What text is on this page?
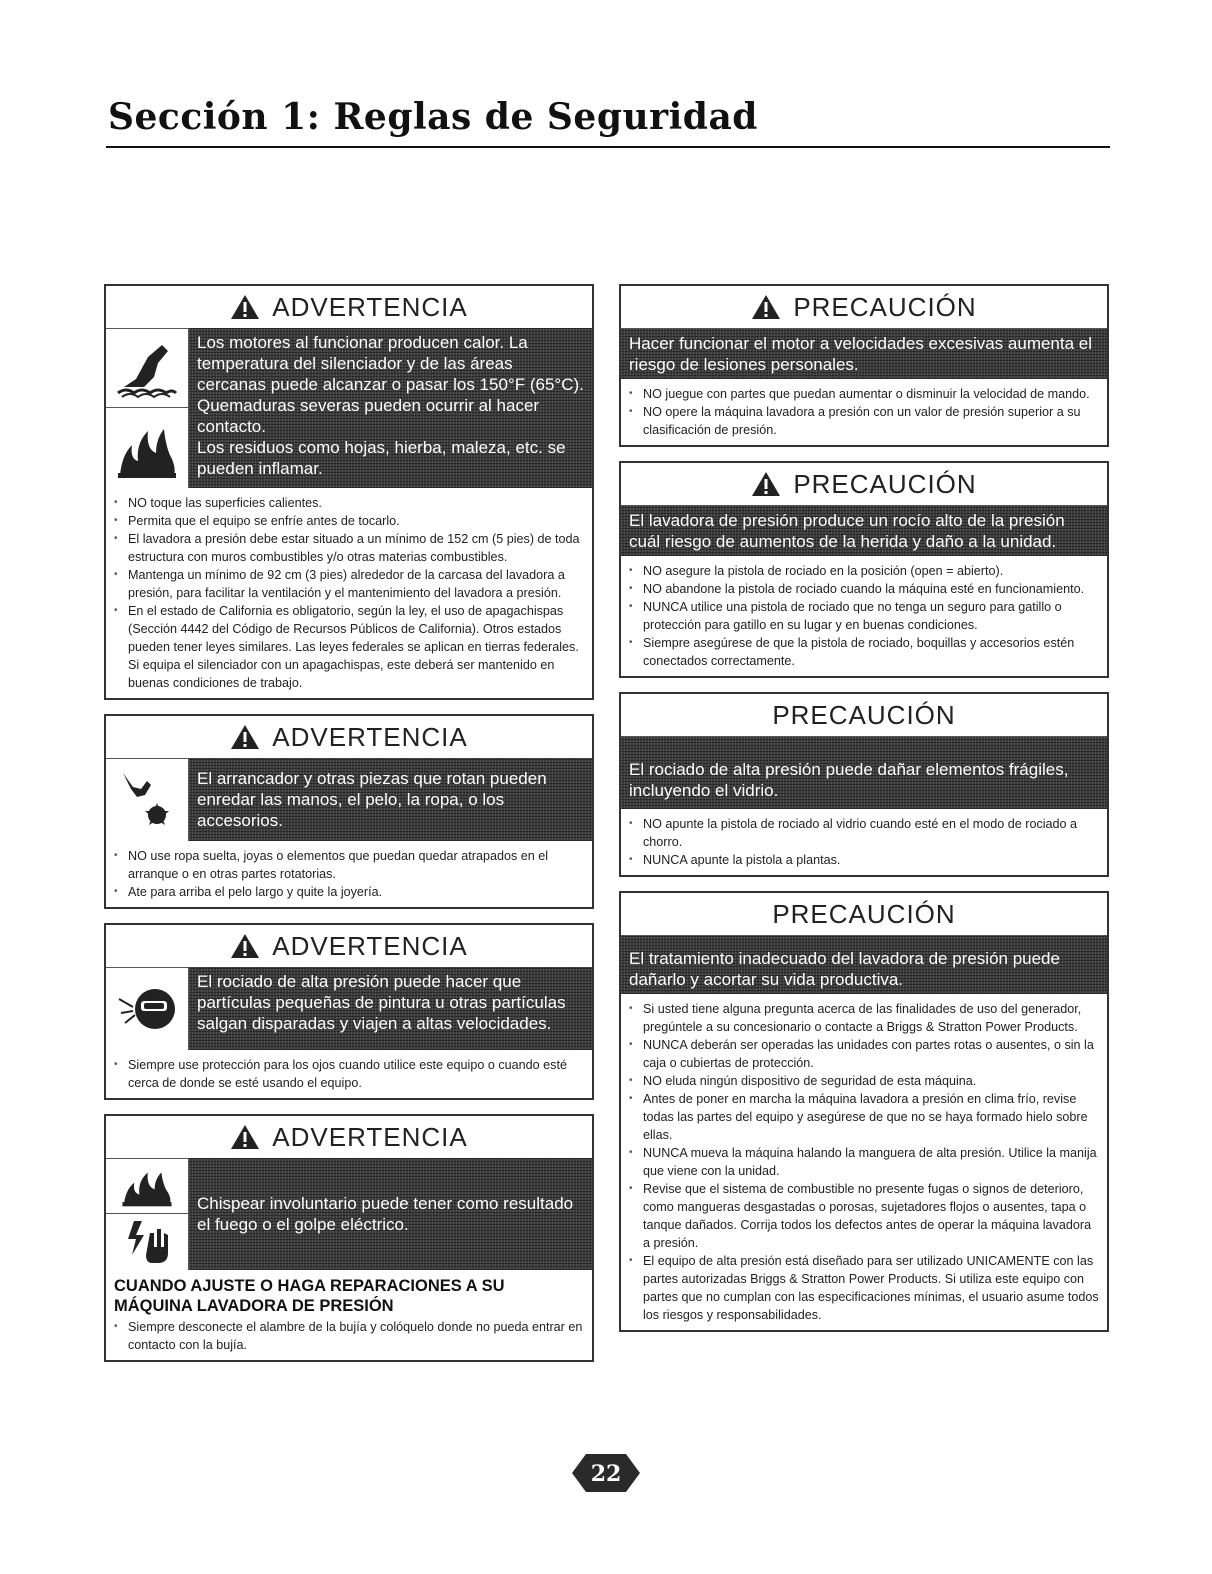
Sección 1: Reglas de Seguridad
ADVERTENCIA

Los motores al funcionar producen calor. La temperatura del silenciador y de las áreas cercanas puede alcanzar o pasar los 150°F (65°C).

Quemaduras severas pueden ocurrir al hacer contacto.

Los residuos como hojas, hierba, maleza, etc. se pueden inflamar.

• NO toque las superficies calientes.
• Permita que el equipo se enfríe antes de tocarlo.
• El lavadora a presión debe estar situado a un mínimo de 152 cm (5 pies) de toda estructura con muros combustibles y/o otras materias combustibles.
• Mantenga un mínimo de 92 cm (3 pies) alrededor de la carcasa del lavadora a presión, para facilitar la ventilación y el mantenimiento del lavadora a presión.
• En el estado de California es obligatorio, según la ley, el uso de apagachispas (Sección 4442 del Código de Recursos Públicos de California). Otros estados pueden tener leyes similares. Las leyes federales se aplican en tierras federales. Si equipa el silenciador con un apagachispas, este deberá ser mantenido en buenas condiciones de trabajo.
ADVERTENCIA

El arrancador y otras piezas que rotan pueden enredar las manos, el pelo, la ropa, o los accesorios.

• NO use ropa suelta, joyas o elementos que puedan quedar atrapados en el arranque o en otras partes rotatorias.
• Ate para arriba el pelo largo y quite la joyería.
ADVERTENCIA

El rociado de alta presión puede hacer que partículas pequeñas de pintura u otras partículas salgan disparadas y viajen a altas velocidades.

• Siempre use protección para los ojos cuando utilice este equipo o cuando esté cerca de donde se esté usando el equipo.
ADVERTENCIA

Chispear involuntario puede tener como resultado el fuego o el golpe eléctrico.

CUANDO AJUSTE O HAGA REPARACIONES A SU MÁQUINA LAVADORA DE PRESIÓN
• Siempre desconecte el alambre de la bujía y colóquelo donde no pueda entrar en contacto con la bujía.
PRECAUCIÓN

Hacer funcionar el motor a velocidades excesivas aumenta el riesgo de lesiones personales.

• NO juegue con partes que puedan aumentar o disminuir la velocidad de mando.
• NO opere la máquina lavadora a presión con un valor de presión superior a su clasificación de presión.
PRECAUCIÓN

El lavadora de presión produce un rocío alto de la presión cuál riesgo de aumentos de la herida y daño a la unidad.

• NO asegure la pistola de rociado en la posición (open = abierto).
• NO abandone la pistola de rociado cuando la máquina esté en funcionamiento.
• NUNCA utilice una pistola de rociado que no tenga un seguro para gatillo o protección para gatillo en su lugar y en buenas condiciones.
• Siempre asegúrese de que la pistola de rociado, boquillas y accesorios estén conectados correctamente.
PRECAUCIÓN

El rociado de alta presión puede dañar elementos frágiles, incluyendo el vidrio.

• NO apunte la pistola de rociado al vidrio cuando esté en el modo de rociado a chorro.
• NUNCA apunte la pistola a plantas.
PRECAUCIÓN

El tratamiento inadecuado del lavadora de presión puede dañarlo y acortar su vida productiva.

• Si usted tiene alguna pregunta acerca de las finalidades de uso del generador, pregúntele a su concesionario o contacte a Briggs & Stratton Power Products.
• NUNCA deberán ser operadas las unidades con partes rotas o ausentes, o sin la caja o cubiertas de protección.
• NO eluda ningún dispositivo de seguridad de esta máquina.
• Antes de poner en marcha la máquina lavadora a presión en clima frío, revise todas las partes del equipo y asegúrese de que no se haya formado hielo sobre ellas.
• NUNCA mueva la máquina halando la manguera de alta presión. Utilice la manija que viene con la unidad.
• Revise que el sistema de combustible no presente fugas o signos de deterioro, como mangueras desgastadas o porosas, sujetadores flojos o ausentes, tapa o tanque dañados. Corrija todos los defectos antes de operar la máquina lavadora a presión.
• El equipo de alta presión está diseñado para ser utilizado UNICAMENTE con las partes autorizadas Briggs & Stratton Power Products. Si utiliza este equipo con partes que no cumplan con las especificaciones mínimas, el usuario asume todos los riesgos y responsabilidades.
22
